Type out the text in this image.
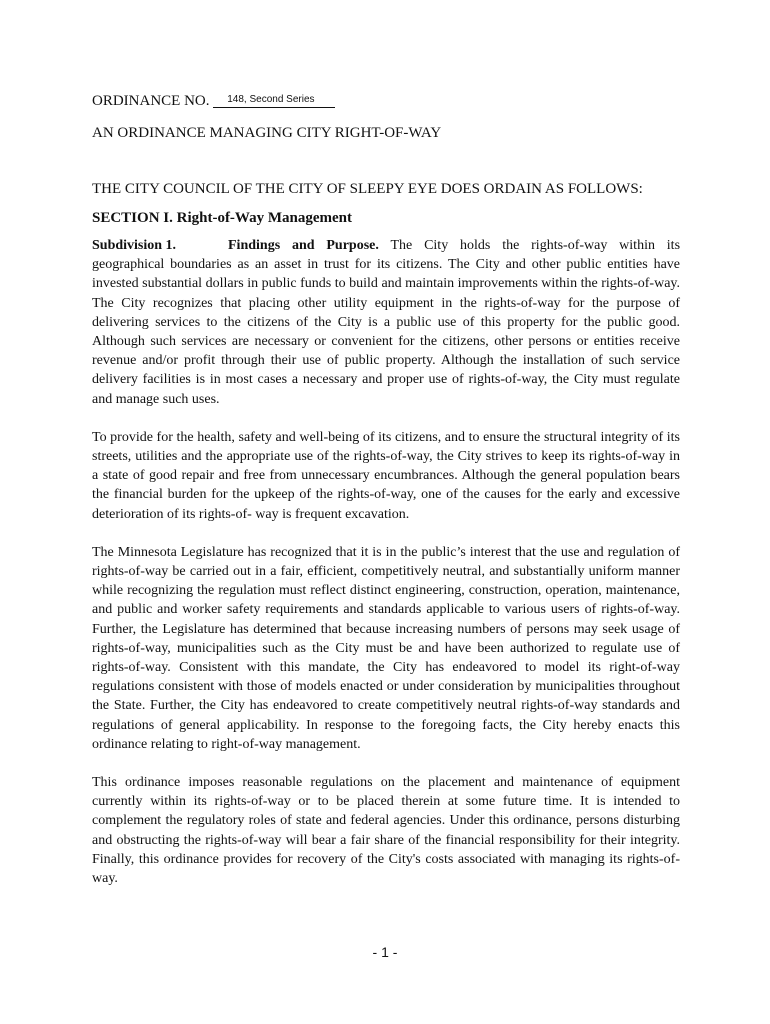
ORDINANCE NO. 148, Second Series

AN ORDINANCE MANAGING CITY RIGHT-OF-WAY

THE CITY COUNCIL OF THE CITY OF SLEEPY EYE DOES ORDAIN AS FOLLOWS:

SECTION I. Right-of-Way Management

Subdivision 1.	Findings and Purpose. The City holds the rights-of-way within its geographical boundaries as an asset in trust for its citizens. The City and other public entities have invested substantial dollars in public funds to build and maintain improvements within the rights-of-way. The City recognizes that placing other utility equipment in the rights-of-way for the purpose of delivering services to the citizens of the City is a public use of this property for the public good. Although such services are necessary or convenient for the citizens, other persons or entities receive revenue and/or profit through their use of public property. Although the installation of such service delivery facilities is in most cases a necessary and proper use of rights-of-way, the City must regulate and manage such uses.

To provide for the health, safety and well-being of its citizens, and to ensure the structural integrity of its streets, utilities and the appropriate use of the rights-of-way, the City strives to keep its rights-of-way in a state of good repair and free from unnecessary encumbrances. Although the general population bears the financial burden for the upkeep of the rights-of-way, one of the causes for the early and excessive deterioration of its rights-of- way is frequent excavation.

The Minnesota Legislature has recognized that it is in the public’s interest that the use and regulation of rights-of-way be carried out in a fair, efficient, competitively neutral, and substantially uniform manner while recognizing the regulation must reflect distinct engineering, construction, operation, maintenance, and public and worker safety requirements and standards applicable to various users of rights-of-way. Further, the Legislature has determined that because increasing numbers of persons may seek usage of rights-of-way, municipalities such as the City must be and have been authorized to regulate use of rights-of-way. Consistent with this mandate, the City has endeavored to model its right-of-way regulations consistent with those of models enacted or under consideration by municipalities throughout the State. Further, the City has endeavored to create competitively neutral rights-of-way standards and regulations of general applicability. In response to the foregoing facts, the City hereby enacts this ordinance relating to right-of-way management.

This ordinance imposes reasonable regulations on the placement and maintenance of equipment currently within its rights-of-way or to be placed therein at some future time. It is intended to complement the regulatory roles of state and federal agencies. Under this ordinance, persons disturbing and obstructing the rights-of-way will bear a fair share of the financial responsibility for their integrity. Finally, this ordinance provides for recovery of the City's costs associated with managing its rights-of-way.

- 1 -
